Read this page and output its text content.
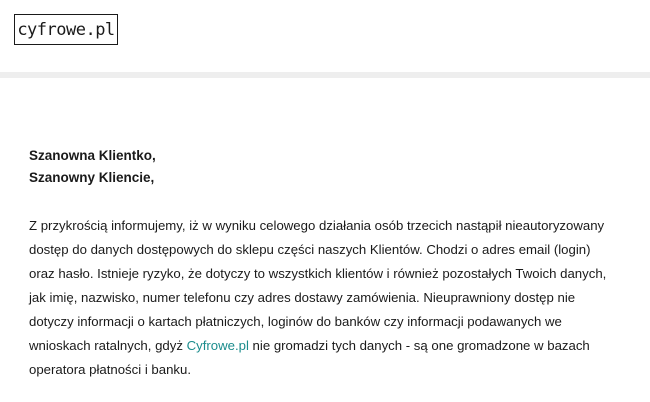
cyfrowe.pl

Szanowna Klientko,
Szanowny Kliencie,

Z przykrością informujemy, iż w wyniku celowego działania osób trzecich nastąpił nieautoryzowany dostęp do danych dostępowych do sklepu części naszych Klientów. Chodzi o adres email (login) oraz hasło. Istnieje ryzyko, że dotyczy to wszystkich klientów i również pozostałych Twoich danych, jak imię, nazwisko, numer telefonu czy adres dostawy zamówienia. Nieuprawniony dostęp nie dotyczy informacji o kartach płatniczych, loginów do banków czy informacji podawanych we wnioskach ratalnych, gdyż Cyfrowe.pl nie gromadzi tych danych - są one gromadzone w bazach operatora płatności i banku.
